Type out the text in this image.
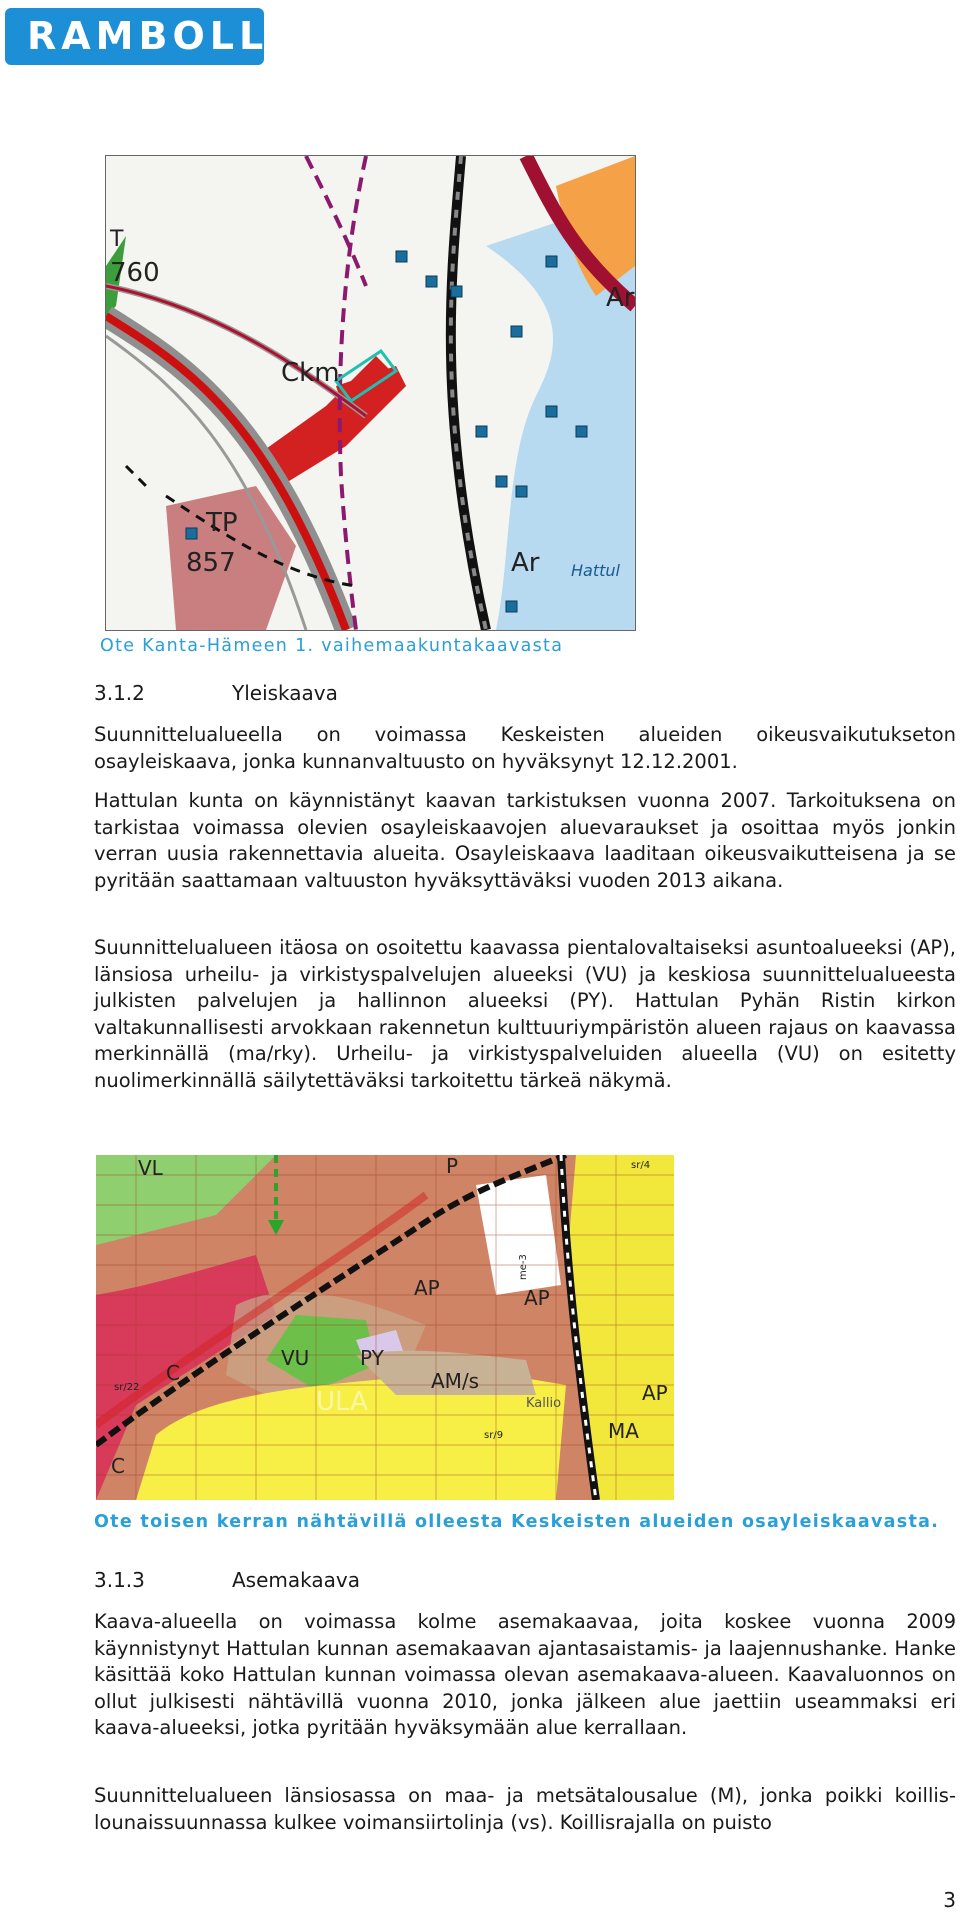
RAMBOLL
T
760
Ckm
TP
857
Ar
Ar Hattul
Ote Kanta-Hämeen 1. vaihemaakuntakaavasta
3.1.2	Yleiskaava
Suunnittelualueella on voimassa Keskeisten alueiden oikeusvaikutukseton osayleiskaava, jonka kunnanvaltuusto on hyväksynyt 12.12.2001.
Hattulan kunta on käynnistänyt kaavan tarkistuksen vuonna 2007. Tarkoituksena on tarkistaa voimassa olevien osayleiskaavojen aluevaraukset ja osoittaa myös jonkin verran uusia rakennettavia alueita. Osayleiskaava laaditaan oikeusvaikutteisena ja se pyritään saattamaan valtuuston hyväksyttäväksi vuoden 2013 aikana.
Suunnittelualueen itäosa on osoitettu kaavassa pientalovaltaiseksi asuntoalueeksi (AP), länsiosa urheilu- ja virkistyspalvelujen alueeksi (VU) ja keskiosa suunnittelualueesta julkisten palvelujen ja hallinnon alueeksi (PY). Hattulan Pyhän Ristin kirkon valtakunnallisesti arvokkaan rakennetun kulttuuriympäristön alueen rajaus on kaavassa merkinnällä (ma/rky). Urheilu- ja virkistyspalveluiden alueella (VU) on esitetty nuolimerkinnällä säilytettäväksi tarkoitettu tärkeä näkymä.
VL	P
AP	AP
AP
VU	PY
AM/s
MA
C
C
ULA	Kallio
sr/4
sr/9
sr/22
me-3
Ote toisen kerran nähtävillä olleesta Keskeisten alueiden osayleiskaavasta.
3.1.3	Asemakaava
Kaava-alueella on voimassa kolme asemakaavaa, joita koskee vuonna 2009 käynnistynyt Hattulan kunnan asemakaavan ajantasaistamis- ja laajennushanke. Hanke käsittää koko Hattulan kunnan voimassa olevan asemakaava-alueen. Kaavaluonnos on ollut julkisesti nähtävillä vuonna 2010, jonka jälkeen alue jaettiin useammaksi eri kaava-alueeksi, jotka pyritään hyväksymään alue kerrallaan.
Suunnittelualueen länsiosassa on maa- ja metsätalousalue (M), jonka poikki koillis-lounaissuunnassa kulkee voimansiirtolinja (vs). Koillisrajalla on puisto
3
